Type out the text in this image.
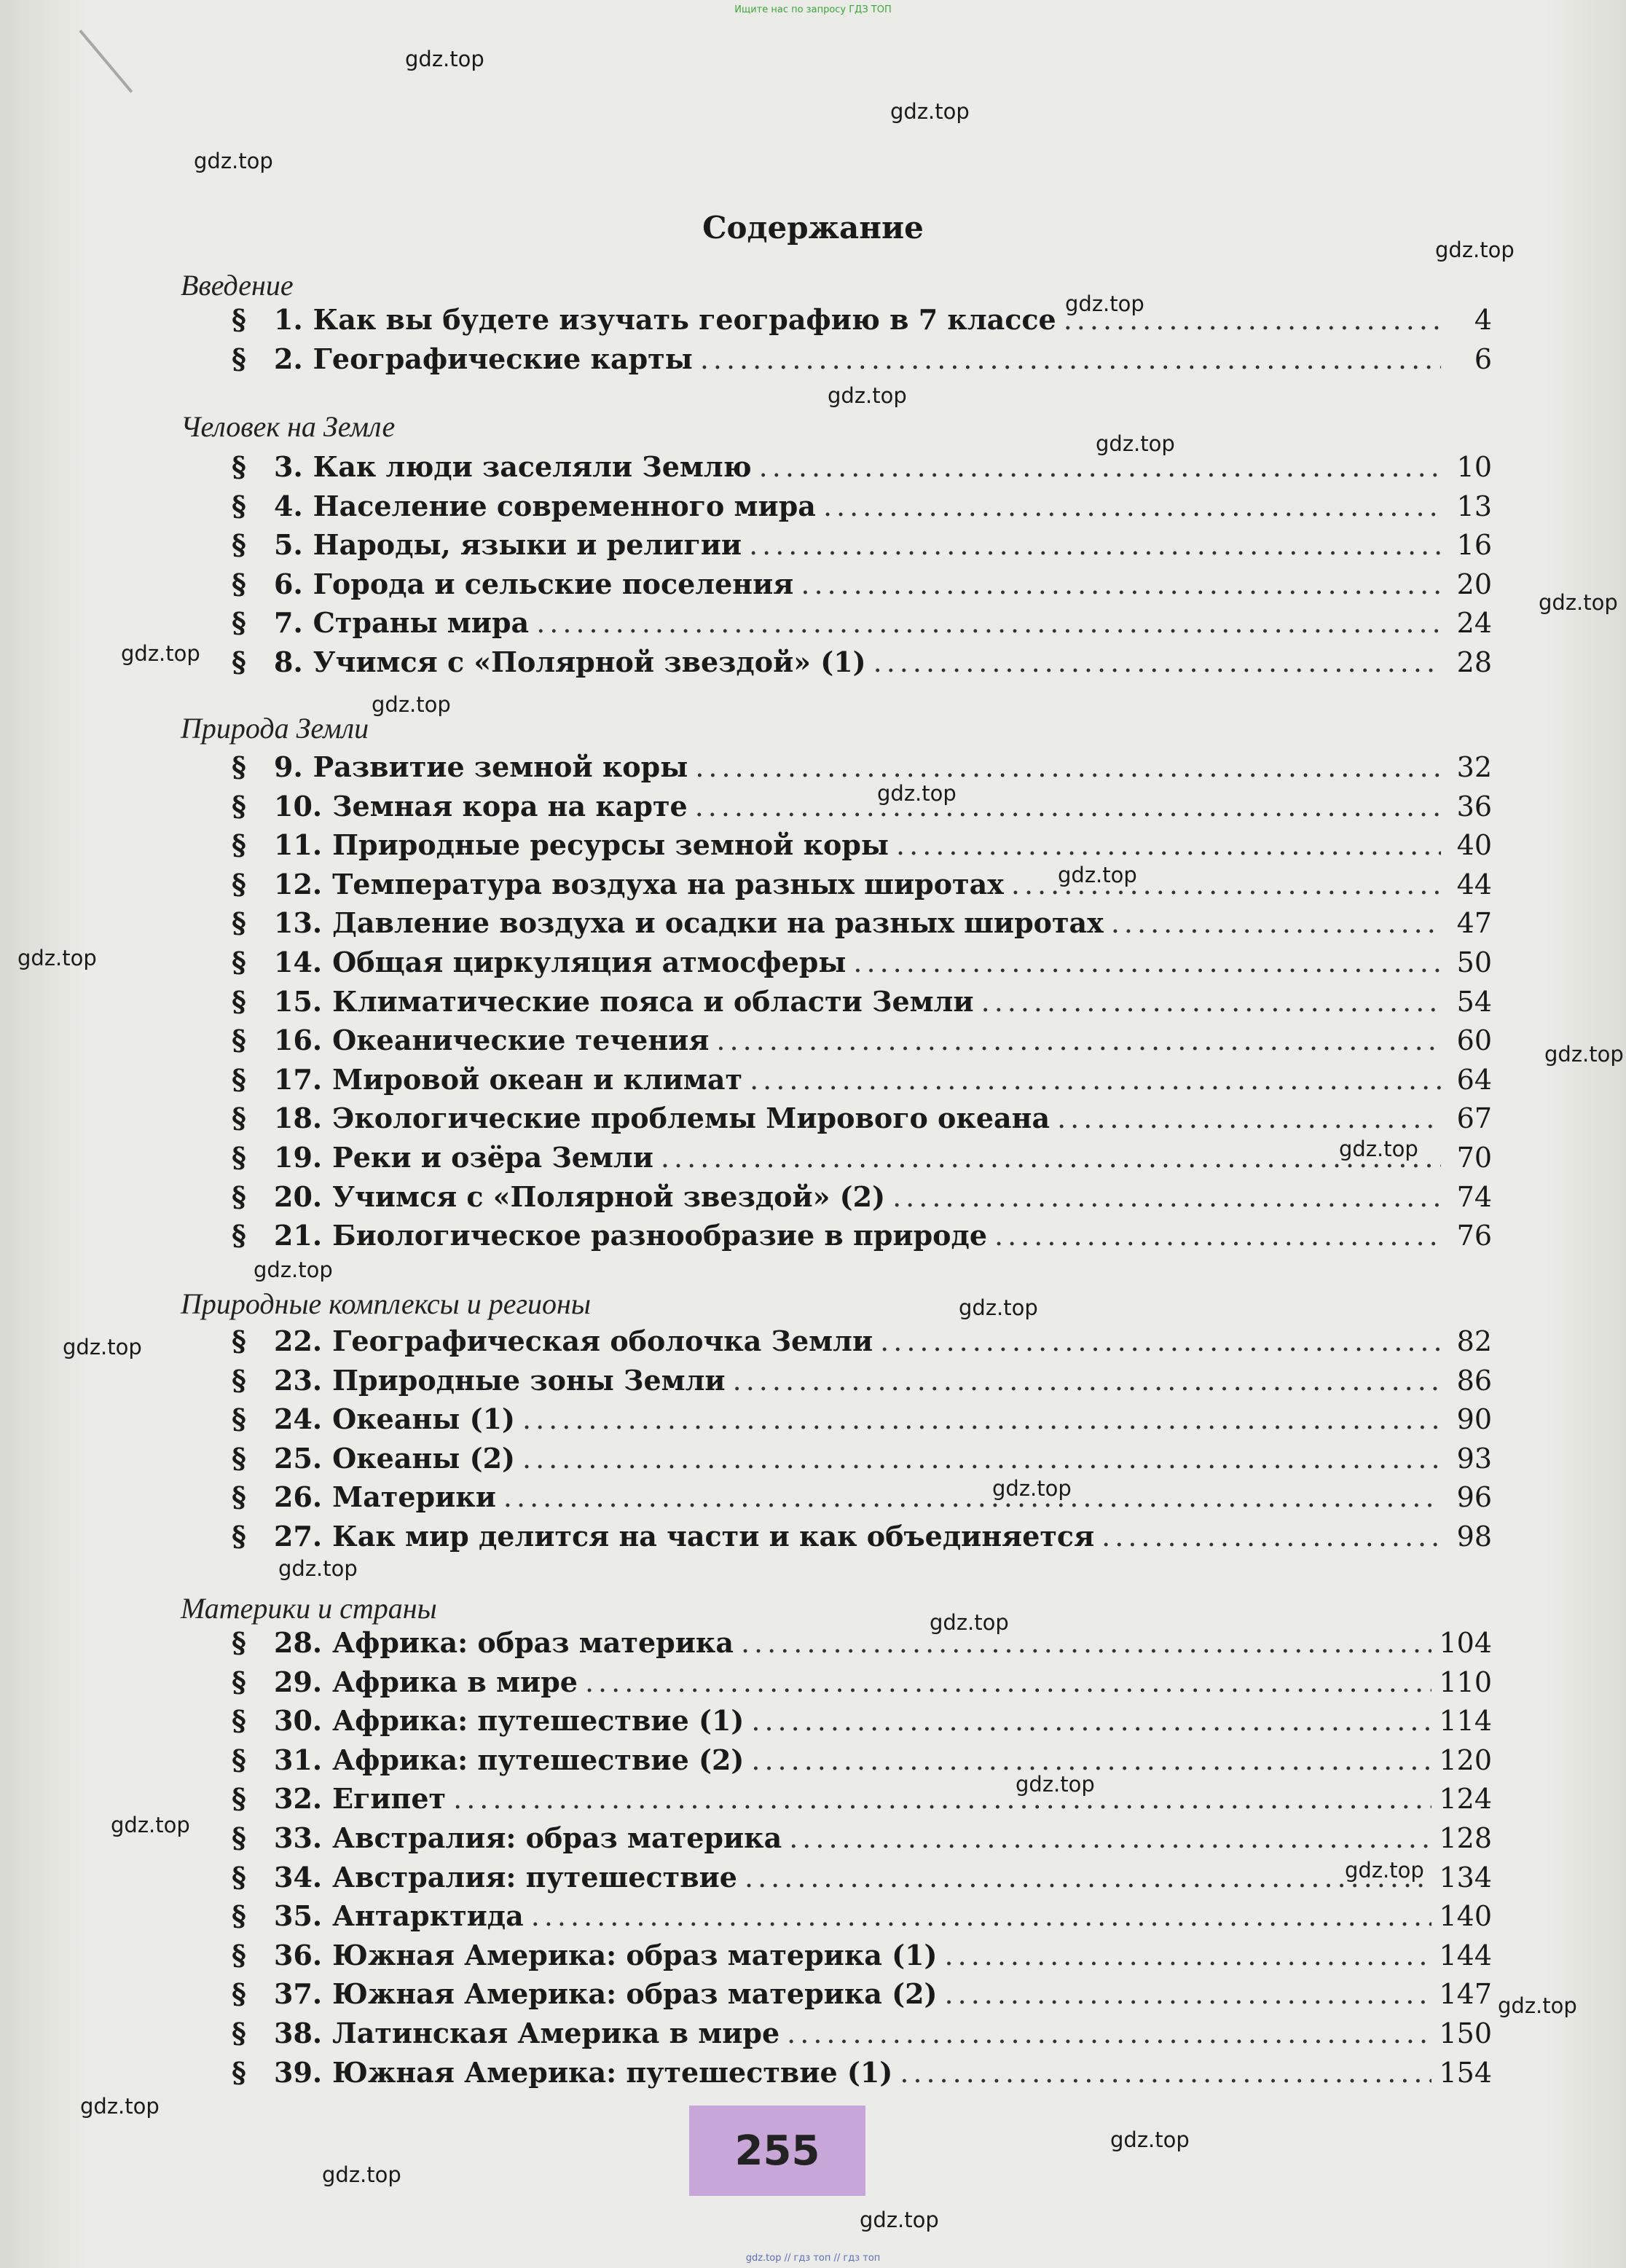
Ищите нас по запросу ГДЗ ТОП
Содержание
Введение
§	1. Как вы будете изучать географию в 7 классе .....	4
§	2. Географические карты .....	6
Человек на Земле
§	3. Как люди заселяли Землю .....	10
§	4. Население современного мира .....	13
§	5. Народы, языки и религии .....	16
§	6. Города и сельские поселения .....	20
§	7. Страны мира .....	24
§	8. Учимся с «Полярной звездой» (1) .....	28
Природа Земли
§	9. Развитие земной коры .....	32
§	10. Земная кора на карте .....	36
§	11. Природные ресурсы земной коры .....	40
§	12. Температура воздуха на разных широтах .....	44
§	13. Давление воздуха и осадки на разных широтах .....	47
§	14. Общая циркуляция атмосферы .....	50
§	15. Климатические пояса и области Земли .....	54
§	16. Океанические течения .....	60
§	17. Мировой океан и климат .....	64
§	18. Экологические проблемы Мирового океана .....	67
§	19. Реки и озёра Земли .....	70
§	20. Учимся с «Полярной звездой» (2) .....	74
§	21. Биологическое разнообразие в природе .....	76
Природные комплексы и регионы
§	22. Географическая оболочка Земли .....	82
§	23. Природные зоны Земли .....	86
§	24. Океаны (1) .....	90
§	25. Океаны (2) .....	93
§	26. Материки .....	96
§	27. Как мир делится на части и как объединяется .....	98
Материки и страны
§	28. Африка: образ материка .....	104
§	29. Африка в мире .....	110
§	30. Африка: путешествие (1) .....	114
§	31. Африка: путешествие (2) .....	120
§	32. Египет .....	124
§	33. Австралия: образ материка .....	128
§	34. Австралия: путешествие .....	134
§	35. Антарктида .....	140
§	36. Южная Америка: образ материка (1) .....	144
§	37. Южная Америка: образ материка (2) .....	147
§	38. Латинская Америка в мире .....	150
§	39. Южная Америка: путешествие (1) .....	154
gdz.top
gdz.top
gdz.top
gdz.top
gdz.top
gdz.top
gdz.top
gdz.top
gdz.top
gdz.top
gdz.top
gdz.top
gdz.top
gdz.top
gdz.top
gdz.top
gdz.top
gdz.top
gdz.top
gdz.top
gdz.top
gdz.top
gdz.top
gdz.top
gdz.top
gdz.top
gdz.top
gdz.top
gdz.top
255
gdz.top // гдз топ // гдз топ
